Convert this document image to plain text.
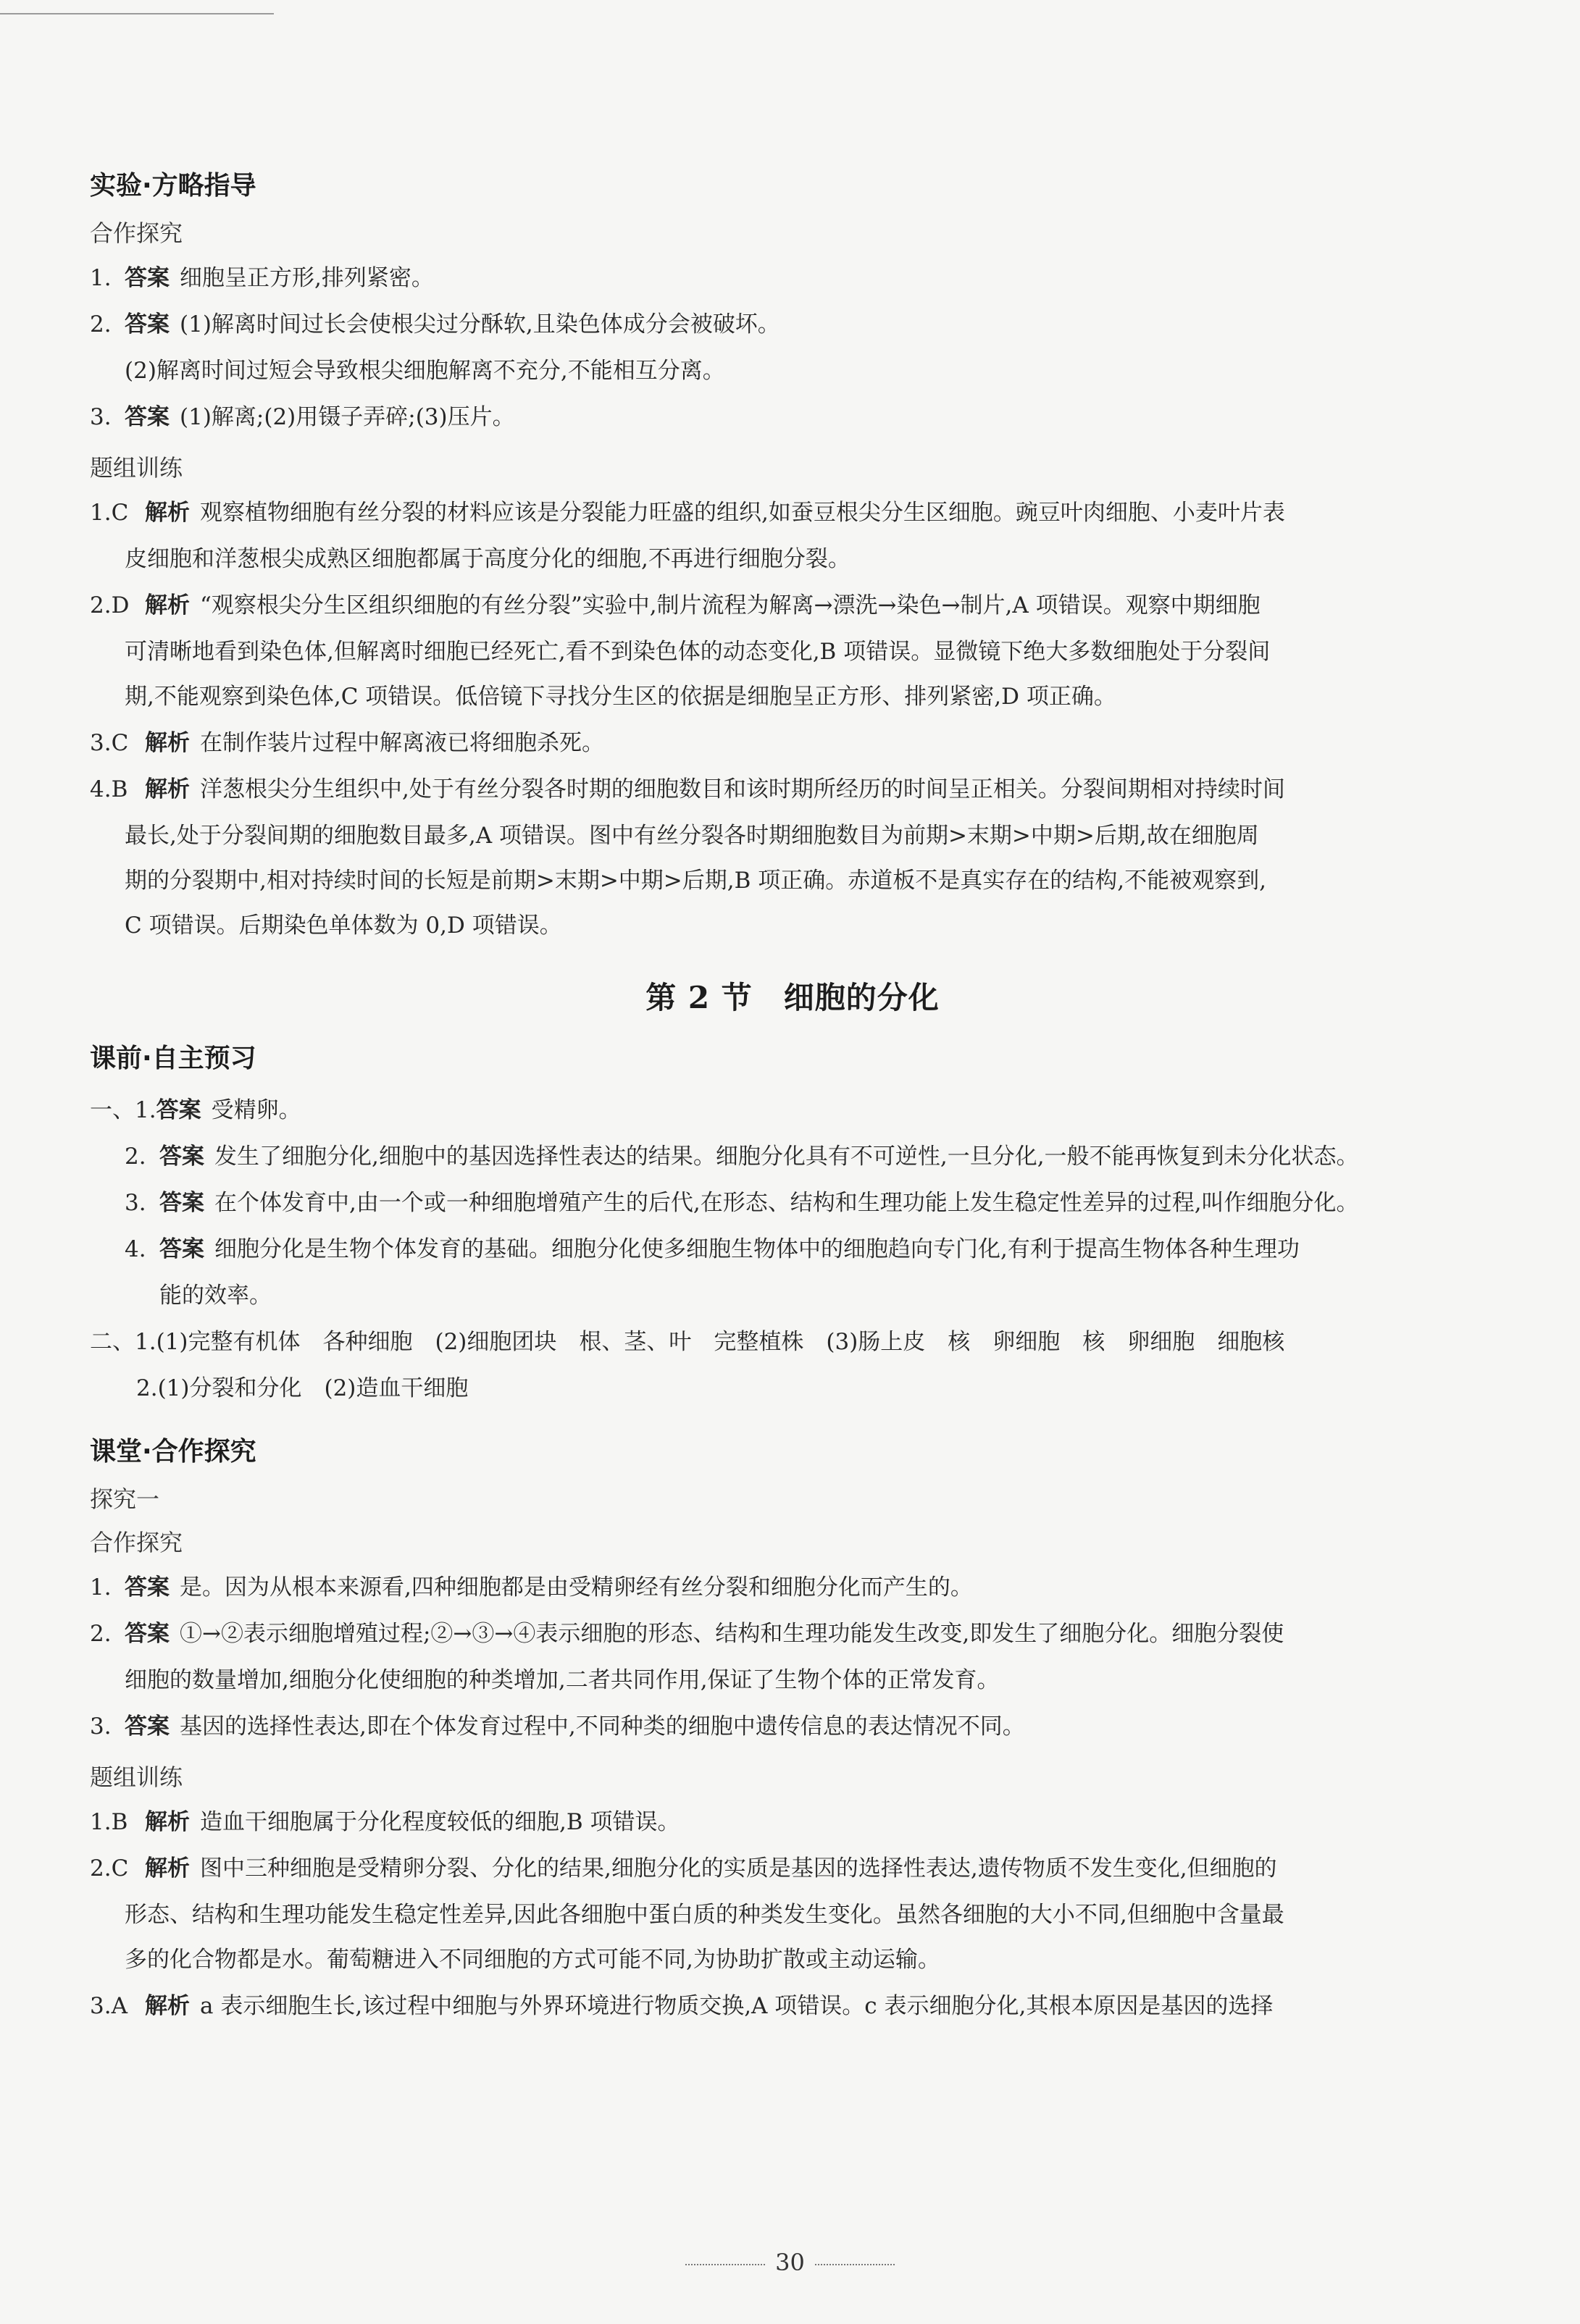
实验·方略指导
合作探究
1. 答案 细胞呈正方形,排列紧密。
2. 答案 (1)解离时间过长会使根尖过分酥软,且染色体成分会被破坏。
(2)解离时间过短会导致根尖细胞解离不充分,不能相互分离。
3. 答案 (1)解离;(2)用镊子弄碎;(3)压片。
题组训练
1.C 解析 观察植物细胞有丝分裂的材料应该是分裂能力旺盛的组织,如蚕豆根尖分生区细胞。豌豆叶肉细胞、小麦叶片表
皮细胞和洋葱根尖成熟区细胞都属于高度分化的细胞,不再进行细胞分裂。
2.D 解析 “观察根尖分生区组织细胞的有丝分裂”实验中,制片流程为解离→漂洗→染色→制片,A 项错误。观察中期细胞
可清晰地看到染色体,但解离时细胞已经死亡,看不到染色体的动态变化,B 项错误。显微镜下绝大多数细胞处于分裂间
期,不能观察到染色体,C 项错误。低倍镜下寻找分生区的依据是细胞呈正方形、排列紧密,D 项正确。
3.C 解析 在制作装片过程中解离液已将细胞杀死。
4.B 解析 洋葱根尖分生组织中,处于有丝分裂各时期的细胞数目和该时期所经历的时间呈正相关。分裂间期相对持续时间
最长,处于分裂间期的细胞数目最多,A 项错误。图中有丝分裂各时期细胞数目为前期>末期>中期>后期,故在细胞周
期的分裂期中,相对持续时间的长短是前期>末期>中期>后期,B 项正确。赤道板不是真实存在的结构,不能被观察到,
C 项错误。后期染色单体数为 0,D 项错误。
第 2 节　细胞的分化
课前·自主预习
一、1.答案 受精卵。
2. 答案 发生了细胞分化,细胞中的基因选择性表达的结果。细胞分化具有不可逆性,一旦分化,一般不能再恢复到未分化状态。
3. 答案 在个体发育中,由一个或一种细胞增殖产生的后代,在形态、结构和生理功能上发生稳定性差异的过程,叫作细胞分化。
4. 答案 细胞分化是生物个体发育的基础。细胞分化使多细胞生物体中的细胞趋向专门化,有利于提高生物体各种生理功
能的效率。
二、1.(1)完整有机体　各种细胞　(2)细胞团块　根、茎、叶　完整植株　(3)肠上皮　核　卵细胞　核　卵细胞　细胞核
2.(1)分裂和分化　(2)造血干细胞
课堂·合作探究
探究一
合作探究
1. 答案 是。因为从根本来源看,四种细胞都是由受精卵经有丝分裂和细胞分化而产生的。
2. 答案 ①→②表示细胞增殖过程;②→③→④表示细胞的形态、结构和生理功能发生改变,即发生了细胞分化。细胞分裂使
细胞的数量增加,细胞分化使细胞的种类增加,二者共同作用,保证了生物个体的正常发育。
3. 答案 基因的选择性表达,即在个体发育过程中,不同种类的细胞中遗传信息的表达情况不同。
题组训练
1.B 解析 造血干细胞属于分化程度较低的细胞,B 项错误。
2.C 解析 图中三种细胞是受精卵分裂、分化的结果,细胞分化的实质是基因的选择性表达,遗传物质不发生变化,但细胞的
形态、结构和生理功能发生稳定性差异,因此各细胞中蛋白质的种类发生变化。虽然各细胞的大小不同,但细胞中含量最
多的化合物都是水。葡萄糖进入不同细胞的方式可能不同,为协助扩散或主动运输。
3.A 解析 a 表示细胞生长,该过程中细胞与外界环境进行物质交换,A 项错误。c 表示细胞分化,其根本原因是基因的选择
30
